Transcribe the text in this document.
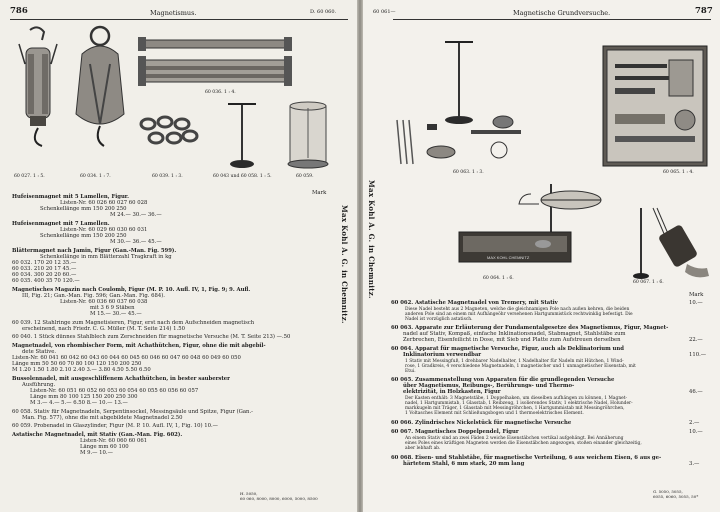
786	Magnetismus.	D. 60 060.
60 027. 1 : 5.	60 034. 1 : 7.
60 036. 1 : 4.
60 039. 1 : 3.	60 043 und 60 058. 1 : 5.	60 059.
Mark
Max Kohl A. G. in Chemnitz.
Hufeisenmagnet mit 5 Lamellen, Figur.
Listen-Nr. 60 026 60 027 60 028
Schenkellänge mm 150 200 250
M 24.— 30.— 36.—
Hufeisenmagnet mit 7 Lamellen.
Listen-Nr. 60 029 60 030 60 031
Schenkellänge mm 150 200 250
M 30.— 36.— 45.—
Blättermagnet nach Jamin, Figur (Gan.-Man. Fig. 599).
Schenkellänge in mm Blätterzahl Tragkraft in kg
60 032. 170 20 12 35.—
60 033. 210 20 17 45.—
60 034. 300 20 20 60.—
60 035. 400 35 70 120.—
Magnetisches Magazin nach Coulomb, Figur (M. P. 10. Aufl. IV, 1, Fig. 9; 9. Aufl.
III, Fig. 21; Gan.-Man. Fig. 596; Gan.-Man. Fig. 684).
Listen-Nr. 60 036 60 037 60 038
mit 3 6 9 Stäben
M 15.— 30.— 45.—
60 039. 12 Stahlringe zum Magnetisieren, Figur, erst nach dem Aufschneiden magnetisch
erscheinend, nach Friedr. C. G. Müller (M. T. Seite 214) 1.50
60 040. 1 Stück dünnes Stahlblech zum Zerschneiden für magnetische Versuche (M. T. Seite 213) —.50
Magnetnadel, von rhombischer Form, mit Achathütchen, Figur, ohne die mit abgebil-
dete Stative.
Listen-Nr. 60 041 60 042 60 043 60 044 60 045 60 046 60 047 60 048 60 049 60 050
Länge mm 50 50 60 70 80 100 120 150 200 250
M 1.20 1.50 1.80 2.10 2.40 3.— 3.80 4.50 5.50 6.50
Bussolennadel, mit ausgeschliffenem Achathütchen, in bester sauberster
Ausführung.
Listen-Nr. 60 051 60 052 60 053 60 054 60 055 60 056 60 057
Länge mm 80 100 125 150 200 250 300
M 3.— 4.— 5.— 6.50 8.— 10.— 13.—
60 058. Stativ für Magnetnadeln, Serpentinsockel, Messingsäule und Spitze, Figur (Gan.-
Man. Fig. 577), ohne die mit abgebildete Magnetnadel 2.50
60 059. Probenadel in Glaszylinder, Figur (M. P. 10. Aufl. IV, 1, Fig. 10) 10.—
Astatische Magnetnadel, mit Stativ (Gan.-Man. Fig. 602).
Listen-Nr. 60 060 60 061
Länge mm 60 100
M 9.— 10.—
H. 5050,
60 060, 8000, 8000, 6000, 5000, 8500
60 061—	Magnetische Grundversuche.	787
MAX KOHL CHEMNITZ
60 063. 1 : 3.	60 065. 1 : 4.
60 064. 1 : 6.
60 067. 1 : 6.
Max Kohl A. G. in Chemnitz.	Mark
60 062. Astatische Magnetnadel von Tremery, mit Stativ	10.—
Diese Nadel besteht aus 2 Magneten, welche die gleichnamigen Pole nach außen kehren, die beiden
anderen Pole sind an einem mit Aufhängeöhr versehenen Hartgummistück rechtwinklig befestigt. Die
Nadel ist vorzüglich astatisch.
60 063. Apparate zur Erläuterung der Fundamentalgesetze des Magnetismus, Figur, Magnet-
nadel auf Stativ, Kompaß, einfache Inklinationsnadel, Stabmagnet, Stahlstäbe zum
Zerbrechen, Eisenfeilicht in Dose, mit Sieb und Platte zum Aufstreuen derselben	22.—
60 064. Apparat für magnetische Versuche, Figur, auch als Deklinatorium und
Inklinatorium verwendbar	110.—
1 Stativ mit Messingfuß, 1 drehbarer Nadelhalter, 1 Nadelhalter für Nadeln mit Hütchen, 1 Wind-
rose, 1 Gradkreis, 4 verschiedene Magnetnadeln, 1 magnetischer und 1 unmagnetischer Eisenstab, mit
Etui.
60 065. Zusammenstellung von Apparaten für die grundlegenden Versuche
über Magnetismus, Reibungs-, Berührungs- und Thermo-
elektrizität, in Holzkasten, Figur	46.—
Der Kasten enthält: 3 Magnetstäbe, 1 Doppelhaken, um dieselben aufhängen zu können, 1 Magnet-
nadel, 1 Hartgummistab, 1 Glasstab, 1 Reibzeug, 1 isolierendes Stativ, 1 elektrische Nadel, Holunder-
markkugeln mit Träger, 1 Glasstab mit Messingröhrchen, 1 Hartgummistab mit Messingröhrchen,
1 Voltasches Element mit Schließungsbogen und 1 thermoelektrisches Element.
60 066. Zylindrisches Nickelstück für magnetische Versuche	2.—
60 067. Magnetisches Doppelpendel, Figur	10.—
An einem Stativ sind an zwei Fäden 2 weiche Eisenstäbchen vertikal aufgehängt. Bei Annäherung
eines Poles eines kräftigen Magneten werden die Eisenstäbchen angezogen, stoßen einander gleichzeitig,
aber lebhaft ab.
60 068. Eisen- und Stahlstäbe, für magnetische Verteilung, 6 aus weichem Eisen, 6 aus ge-
härtetem Stahl, 6 mm stark, 20 mm lang	3.—
G. 5050, 5055,
6055, 6060, 5055, 50*
